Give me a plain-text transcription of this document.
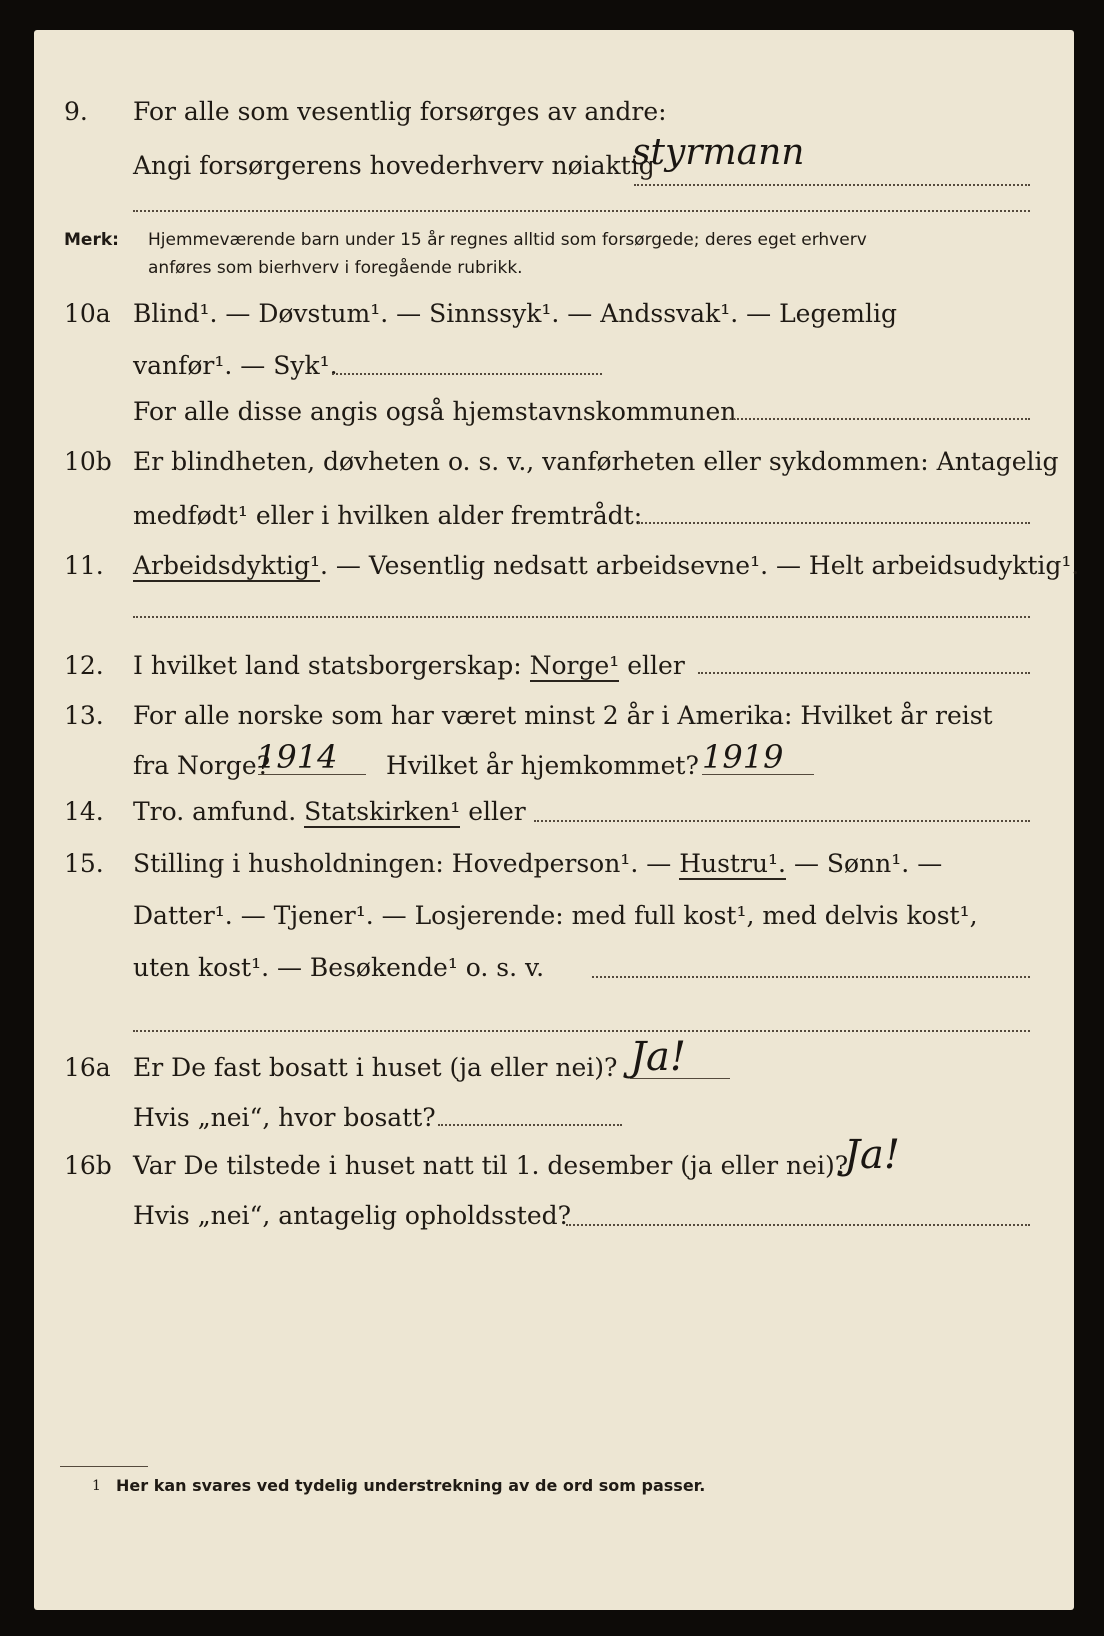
9. For alle som vesentlig forsørges av andre:
Angi forsørgerens hovederhverv nøiaktig
styrmann
Merk: Hjemmeværende barn under 15 år regnes alltid som forsørgede; deres eget erhverv
anføres som bierhverv i foregående rubrikk.
10a Blind¹. — Døvstum¹. — Sinnssyk¹. — Andssvak¹. — Legemlig
vanfør¹. — Syk¹.
For alle disse angis også hjemstavnskommunen
10b Er blindheten, døvheten o. s. v., vanførheten eller sykdommen: Antagelig
medfødt¹ eller i hvilken alder fremtrådt:
11. Arbeidsdyktig¹. — Vesentlig nedsatt arbeidsevne¹. — Helt arbeidsudyktig¹.
12. I hvilket land statsborgerskap: Norge¹ eller
13. For alle norske som har været minst 2 år i Amerika: Hvilket år reist
fra Norge?
1914 Hvilket år hjemkommet? 1919
14. Tro. amfund. Statskirken¹ eller
15. Stilling i husholdningen: Hovedperson¹. — Hustru¹. — Sønn¹. —
Datter¹. — Tjener¹. — Losjerende: med full kost¹, med delvis kost¹,
uten kost¹. — Besøkende¹ o. s. v.
16a Er De fast bosatt i huset (ja eller nei)? Ja!
Hvis „nei“, hvor bosatt?
16b Var De tilstede i huset natt til 1. desember (ja eller nei)?
Ja!
Hvis „nei“, antagelig opholdssted?
1 Her kan svares ved tydelig understrekning av de ord som passer.
